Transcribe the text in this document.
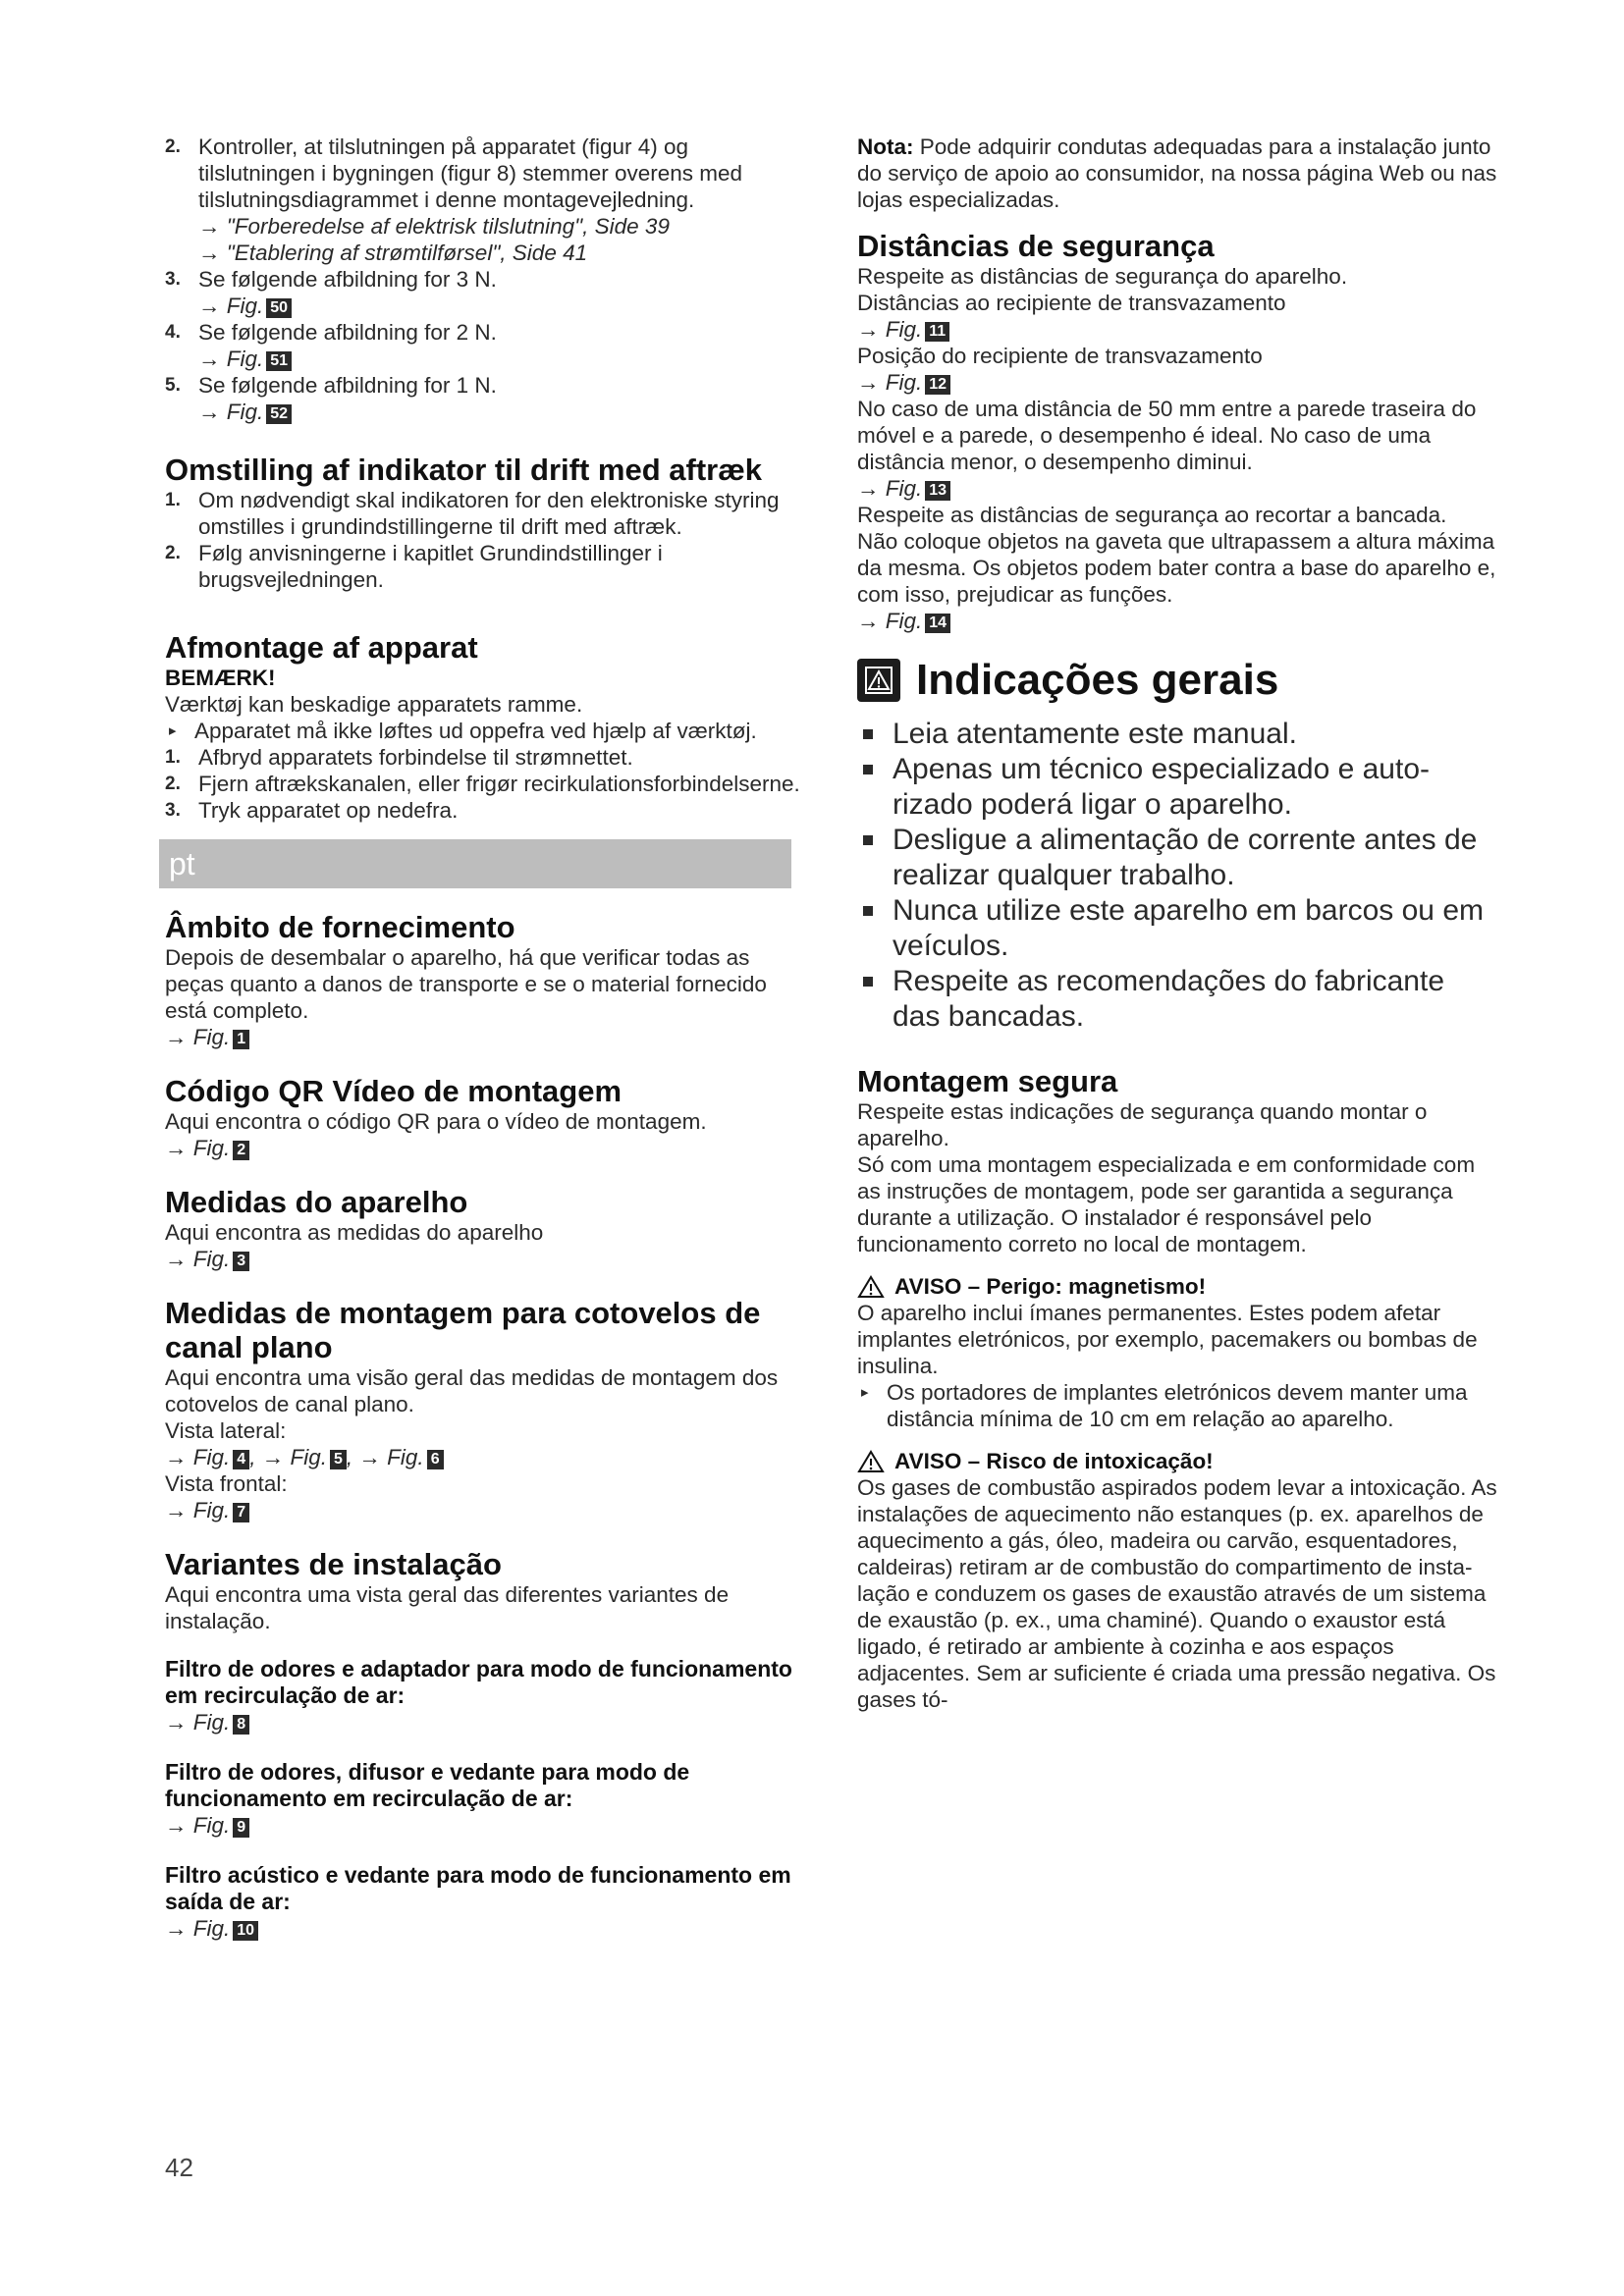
2. Kontroller, at tilslutningen på apparatet (figur 4) og tilslutningen i bygningen (figur 8) stemmer overens med tilslutningsdiagrammet i denne montagevejledning.

→ "Forberedelse af elektrisk tilslutning", Side 39

→ "Etablering af strømtilførsel", Side 41

3. Se følgende afbildning for 3 N.

→ Fig. 50

4. Se følgende afbildning for 2 N.

→ Fig. 51

5. Se følgende afbildning for 1 N.

→ Fig. 52

Omstilling af indikator til drift med aftræk
1. Om nødvendigt skal indikatoren for den elektroniske styring omstilles i grundindstillingerne til drift med aftræk.
2. Følg anvisningerne i kapitlet Grundindstillinger i brugsvejledningen.
Afmontage af apparat

BEMÆRK!

Værktøj kan beskadige apparatets ramme.

▸ Apparatet må ikke løftes ud oppefra ved hjælp af værktøj.

1. Afbryd apparatets forbindelse til strømnettet.
2. Fjern aftrækskanalen, eller frigør recirkulationsforbindelserne.
3. Tryk apparatet op nedefra.
pt
Âmbito de fornecimento

Depois de desembalar o aparelho, há que verificar todas as peças quanto a danos de transporte e se o material fornecido está completo.

→ Fig. 1

Código QR Vídeo de montagem

Aqui encontra o código QR para o vídeo de montagem.

→ Fig. 2

Medidas do aparelho

Aqui encontra as medidas do aparelho

→ Fig. 3

Medidas de montagem para cotovelos de canal plano

Aqui encontra uma visão geral das medidas de montagem dos cotovelos de canal plano.

Vista lateral:

→ Fig. 4 , → Fig. 5 , → Fig. 6

Vista frontal:

→ Fig. 7

Variantes de instalação

Aqui encontra uma vista geral das diferentes variantes de instalação.

Filtro de odores e adaptador para modo de funcionamento em recirculação de ar:

→ Fig. 8

Filtro de odores, difusor e vedante para modo de funcionamento em recirculação de ar:

→ Fig. 9

Filtro acústico e vedante para modo de funcionamento em saída de ar:

→ Fig. 10

Nota: Pode adquirir condutas adequadas para a instalação junto do serviço de apoio ao consumidor, na nossa página Web ou nas lojas especializadas.

Distâncias de segurança

Respeite as distâncias de segurança do aparelho.

Distâncias ao recipiente de transvazamento

→ Fig. 11

Posição do recipiente de transvazamento

→ Fig. 12

No caso de uma distância de 50 mm entre a parede traseira do móvel e a parede, o desempenho é ideal. No caso de uma distância menor, o desempenho diminui.

→ Fig. 13

Respeite as distâncias de segurança ao recortar a bancada.

Não coloque objetos na gaveta que ultrapassem a altura máxima da mesma. Os objetos podem bater contra a base do aparelho e, com isso, prejudicar as funções.

→ Fig. 14

Indicações gerais
Leia atentamente este manual.
Apenas um técnico especializado e autorizado poderá ligar o aparelho.
Desligue a alimentação de corrente antes de realizar qualquer trabalho.
Nunca utilize este aparelho em barcos ou em veículos.
Respeite as recomendações do fabricante das bancadas.
Montagem segura

Respeite estas indicações de segurança quando montar o aparelho.

Só com uma montagem especializada e em conformidade com as instruções de montagem, pode ser garantida a segurança durante a utilização. O instalador é responsável pelo funcionamento correto no local de montagem.

AVISO – Perigo: magnetismo!

O aparelho inclui ímanes permanentes. Estes podem afetar implantes eletrónicos, por exemplo, pacemakers ou bombas de insulina.

▸ Os portadores de implantes eletrónicos devem manter uma distância mínima de 10 cm em relação ao aparelho.

AVISO – Risco de intoxicação!

Os gases de combustão aspirados podem levar a intoxicação. As instalações de aquecimento não estanques (p. ex. aparelhos de aquecimento a gás, óleo, madeira ou carvão, esquentadores, caldeiras) retiram ar de combustão do compartimento de instalação e conduzem os gases de exaustão através de um sistema de exaustão (p. ex., uma chaminé). Quando o exaustor está ligado, é retirado ar ambiente à cozinha e aos espaços adjacentes. Sem ar suficiente é criada uma pressão negativa. Os gases tó-

42
